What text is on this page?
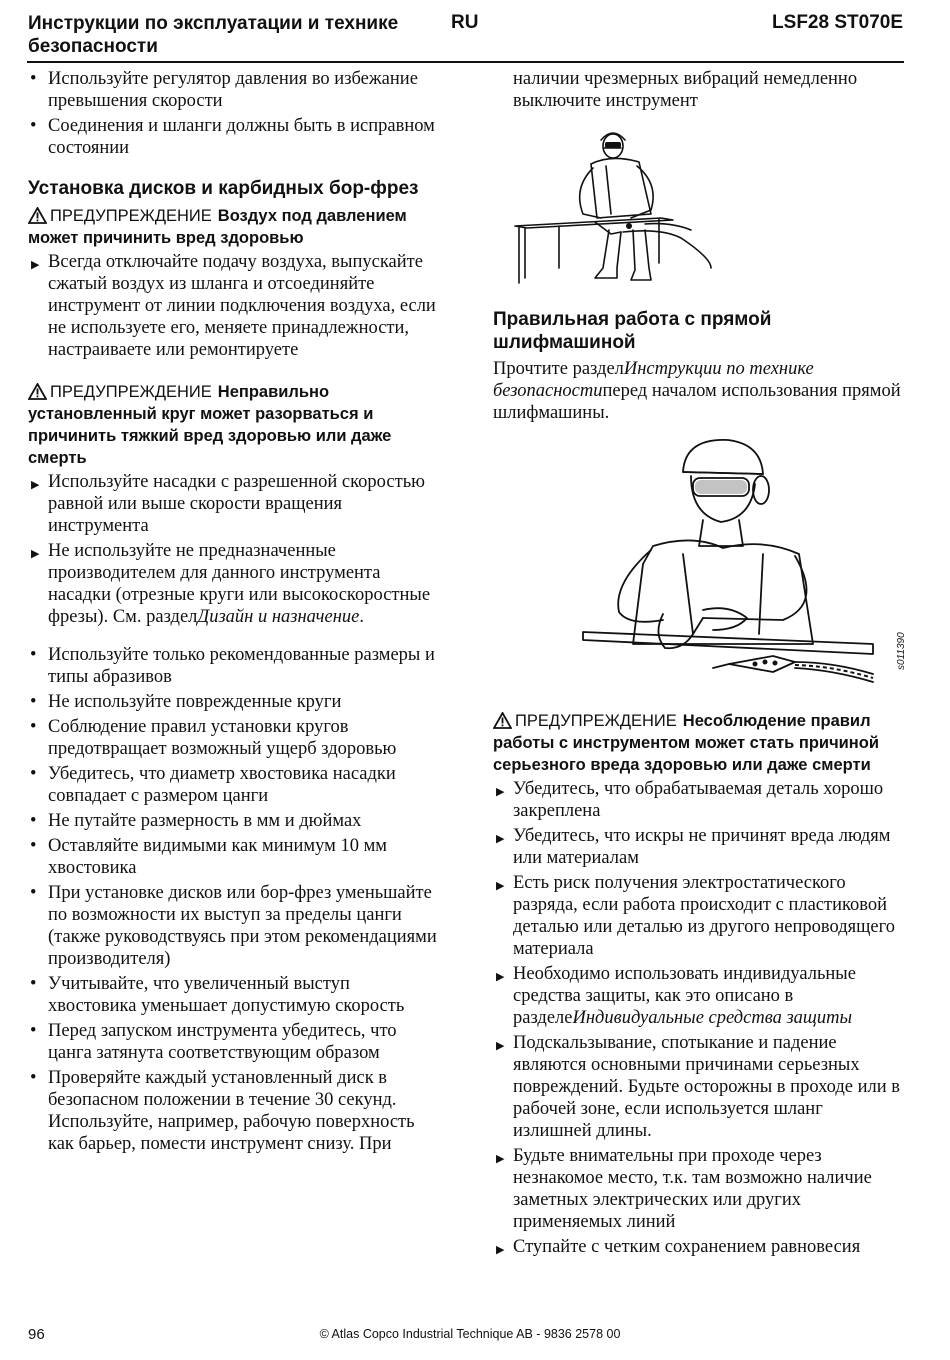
Инструкции по эксплуатации и технике безопасности
RU	LSF28 ST070E
• Используйте регулятор давления во избежание превышения скорости
• Соединения и шланги должны быть в исправном состоянии
Установка дисков и карбидных бор-фрез
ПРЕДУПРЕЖДЕНИЕ Воздух под давлением может причинить вред здоровью
▶ Всегда отключайте подачу воздуха, выпускайте сжатый воздух из шланга и отсоединяйте инструмент от линии подключения воздуха, если не используете его, меняете принадлежности, настраиваете или ремонтируете
ПРЕДУПРЕЖДЕНИЕ Неправильно установленный круг может разорваться и причинить тяжкий вред здоровью или даже смерть
▶ Используйте насадки с разрешенной скоростью равной или выше скорости вращения инструмента
▶ Не используйте не предназначенные производителем для данного инструмента насадки (отрезные круги или высокоскоростные фрезы). См. разделДизайн и назначение.
• Используйте только рекомендованные размеры и типы абразивов
• Не используйте поврежденные круги
• Соблюдение правил установки кругов предотвращает возможный ущерб здоровью
• Убедитесь, что диаметр хвостовика насадки совпадает с размером цанги
• Не путайте размерность в мм и дюймах
• Оставляйте видимыми как минимум 10 мм хвостовика
• При установке дисков или бор-фрез уменьшайте по возможности их выступ за пределы цанги (также руководствуясь при этом рекомендациями производителя)
• Учитывайте, что увеличенный выступ хвостовика уменьшает допустимую скорость
• Перед запуском инструмента убедитесь, что цанга затянута соответствующим образом
• Проверяйте каждый установленный диск в безопасном положении в течение 30 секунд. Используйте, например, рабочую поверхность как барьер, помести инструмент снизу. При

наличии чрезмерных вибраций немедленно выключите инструмент

Правильная работа с прямой шлифмашиной

Прочтите разделИнструкции по технике безопасностиперед началом использования прямой шлифмашины.

s011390
ПРЕДУПРЕЖДЕНИЕ Несоблюдение правил работы с инструментом может стать причиной серьезного вреда здоровью или даже смерти
▶ Убедитесь, что обрабатываемая деталь хорошо закреплена
▶ Убедитесь, что искры не причинят вреда людям или материалам
▶ Есть риск получения электростатического разряда, если работа происходит с пластиковой деталью или деталью из другого непроводящего материала
▶ Необходимо использовать индивидуальные средства защиты, как это описано в разделеИндивидуальные средства защиты
▶ Подскальзывание, спотыкание и падение являются основными причинами серьезных повреждений. Будьте осторожны в проходе или в рабочей зоне, если используется шланг излишней длины.
▶ Будьте внимательны при проходе через незнакомое место, т.к. там возможно наличие заметных электрических или других применяемых линий
▶ Ступайте с четким сохранением равновесия
96	© Atlas Copco Industrial Technique AB - 9836 2578 00
